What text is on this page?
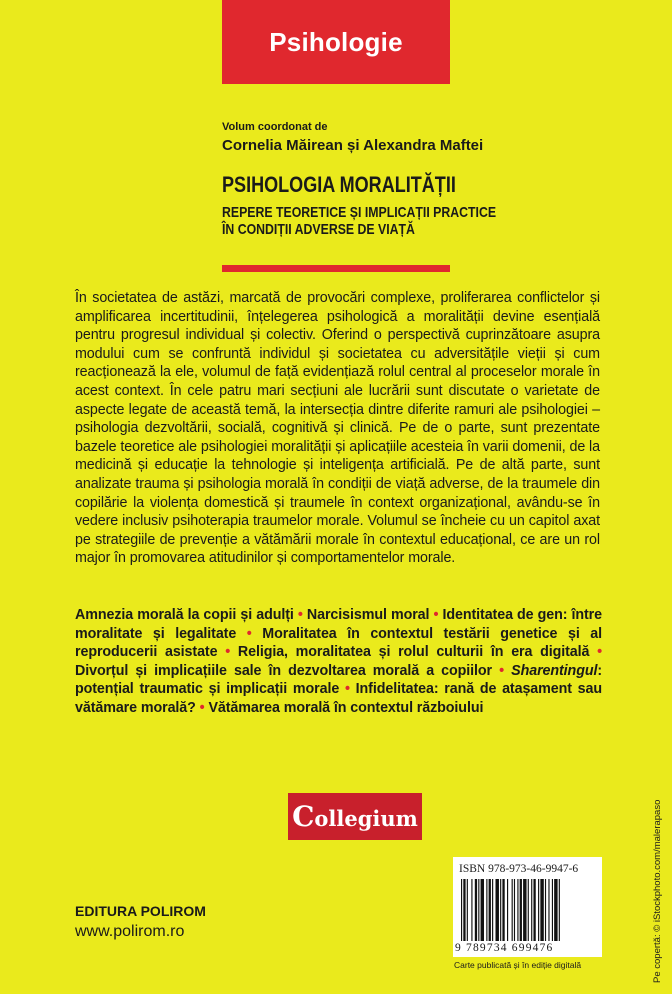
Psihologie
Volum coordonat de
Cornelia Măirean și Alexandra Maftei
PSIHOLOGIA MORALITĂȚII
REPERE TEORETICE ȘI IMPLICAȚII PRACTICE
ÎN CONDIȚII ADVERSE DE VIAȚĂ
În societatea de astăzi, marcată de provocări complexe, proliferarea conflictelor și amplificarea incertitudinii, înțelegerea psihologică a moralității devine esențială pentru progresul individual și colectiv. Oferind o perspectivă cuprinzătoare asupra modului cum se confruntă individul și societatea cu adversitățile vieții și cum reacționează la ele, volumul de față evidențiază rolul central al proceselor morale în acest context. În cele patru mari secțiuni ale lucrării sunt discutate o varietate de aspecte legate de această temă, la intersecția dintre diferite ramuri ale psihologiei – psihologia dezvoltării, socială, cognitivă și clinică. Pe de o parte, sunt prezentate bazele teoretice ale psihologiei moralității și aplicațiile acesteia în varii domenii, de la medicină și educație la tehnologie și inteligența artificială. Pe de altă parte, sunt analizate trauma și psihologia morală în condiții de viață adverse, de la traumele din copilărie la violența domestică și traumele în context organizațional, avându-se în vedere inclusiv psihoterapia traumelor morale. Volumul se încheie cu un capitol axat pe strategiile de prevenție a vătămării morale în contextul educațional, ce are un rol major în promovarea atitudinilor și comportamentelor morale.
Amnezia morală la copii și adulți • Narcisismul moral • Identitatea de gen: între moralitate și legalitate • Moralitatea în contextul testării genetice și al reproducerii asistate • Religia, moralitatea și rolul culturii în era digitală • Divorțul și implicațiile sale în dezvoltarea morală a copiilor • Sharentingul: potențial traumatic și implicații morale • Infidelitatea: rană de atașament sau vătămare morală? • Vătămarea morală în contextul războiului
Collegium
EDITURA POLIROM
www.polirom.ro
ISBN 978-973-46-9947-6
9 789734 699476
Carte publicată și în ediție digitală	Pe copertă: © iStockphoto.com/malerapaso
